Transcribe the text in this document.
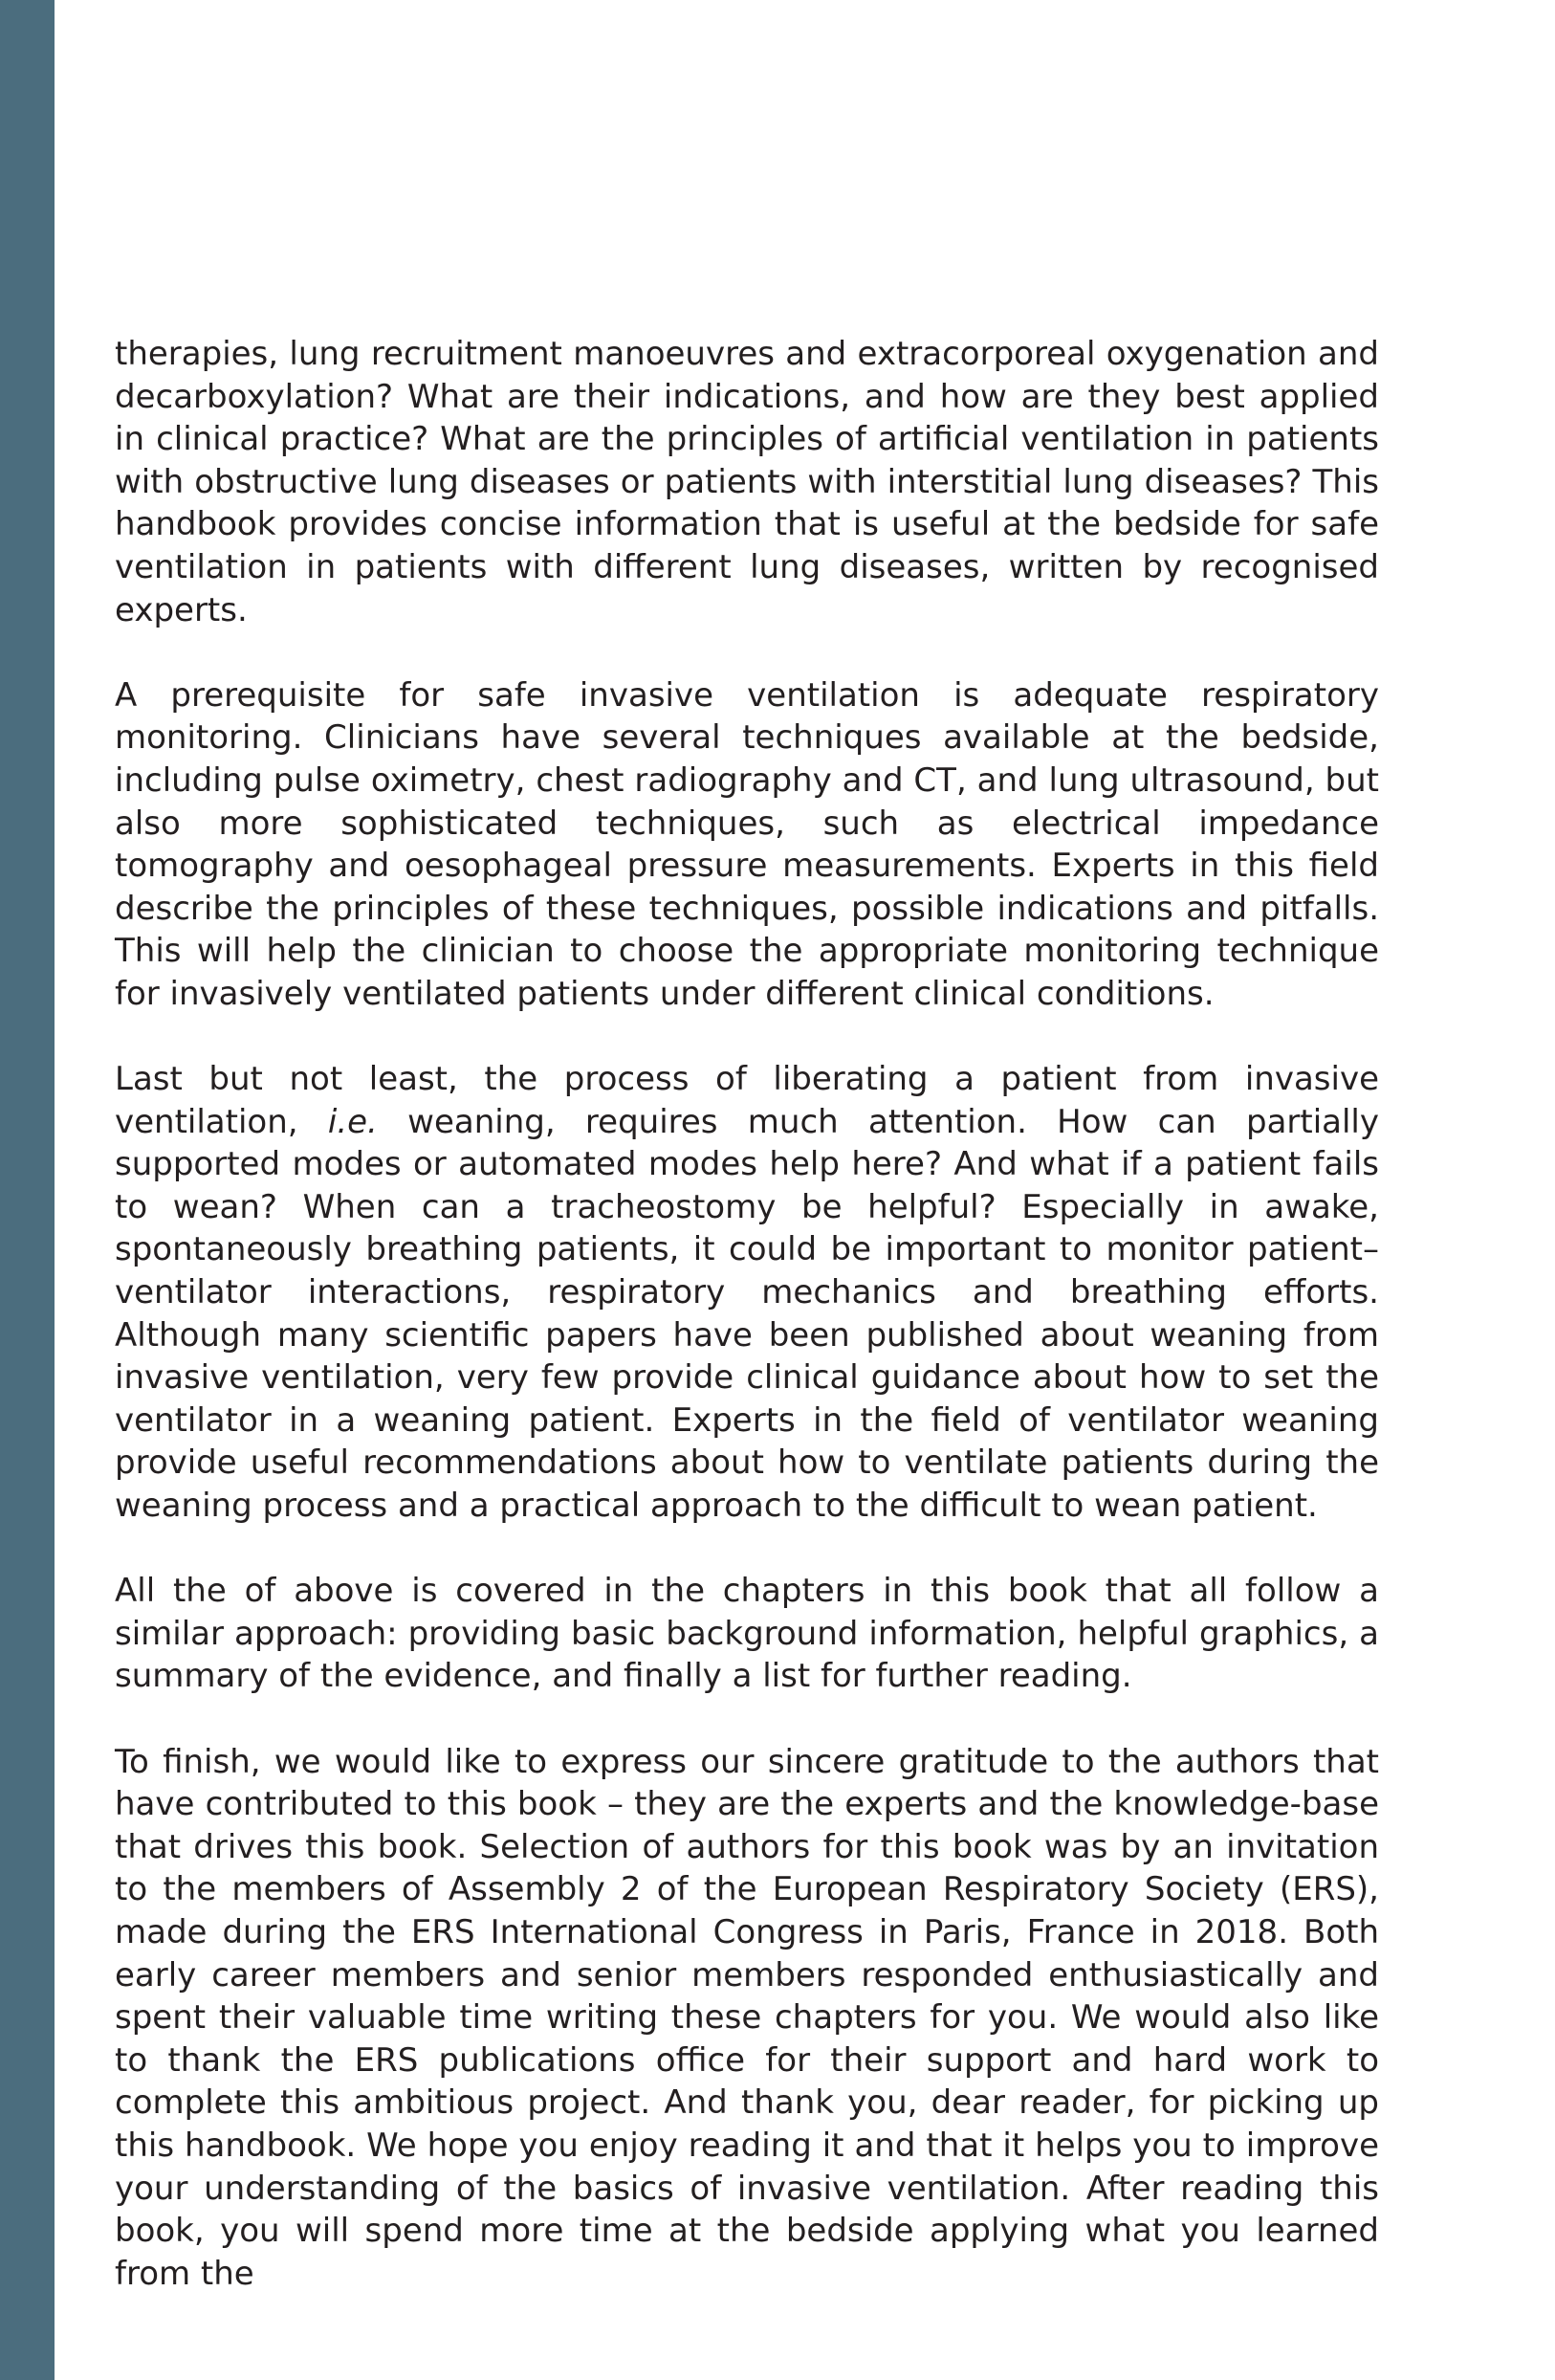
therapies, lung recruitment manoeuvres and extracorporeal oxygenation and decarboxylation? What are their indications, and how are they best applied in clinical practice? What are the principles of artificial ventilation in patients with obstructive lung diseases or patients with interstitial lung diseases? This handbook provides concise information that is useful at the bedside for safe ventilation in patients with different lung diseases, written by recognised experts.

A prerequisite for safe invasive ventilation is adequate respiratory monitoring. Clinicians have several techniques available at the bedside, including pulse oximetry, chest radiography and CT, and lung ultrasound, but also more sophisticated techniques, such as electrical impedance tomography and oesophageal pressure measurements. Experts in this field describe the principles of these techniques, possible indications and pitfalls. This will help the clinician to choose the appropriate monitoring technique for invasively ventilated patients under different clinical conditions.

Last but not least, the process of liberating a patient from invasive ventilation, i.e. weaning, requires much attention. How can partially supported modes or automated modes help here? And what if a patient fails to wean? When can a tracheostomy be helpful? Especially in awake, spontaneously breathing patients, it could be important to monitor patient–ventilator interactions, respiratory mechanics and breathing efforts. Although many scientific papers have been published about weaning from invasive ventilation, very few provide clinical guidance about how to set the ventilator in a weaning patient. Experts in the field of ventilator weaning provide useful recommendations about how to ventilate patients during the weaning process and a practical approach to the difficult to wean patient.

All the of above is covered in the chapters in this book that all follow a similar approach: providing basic background information, helpful graphics, a summary of the evidence, and finally a list for further reading.

To finish, we would like to express our sincere gratitude to the authors that have contributed to this book – they are the experts and the knowledge-base that drives this book. Selection of authors for this book was by an invitation to the members of Assembly 2 of the European Respiratory Society (ERS), made during the ERS International Congress in Paris, France in 2018. Both early career members and senior members responded enthusiastically and spent their valuable time writing these chapters for you. We would also like to thank the ERS publications office for their support and hard work to complete this ambitious project. And thank you, dear reader, for picking up this handbook. We hope you enjoy reading it and that it helps you to improve your understanding of the basics of invasive ventilation. After reading this book, you will spend more time at the bedside applying what you learned from the
